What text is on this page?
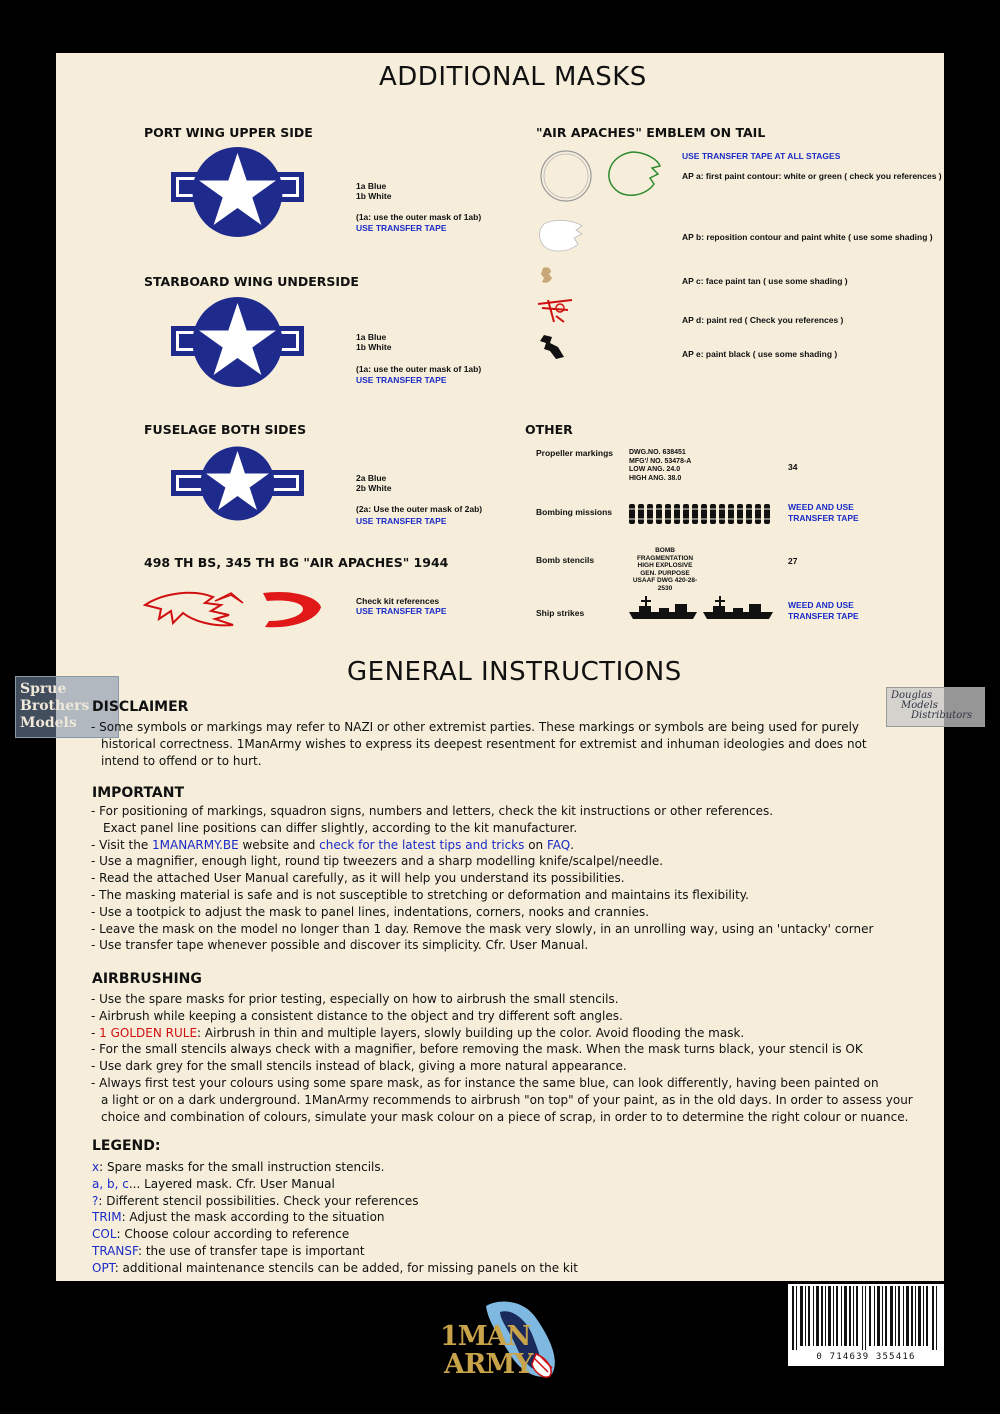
ADDITIONAL MASKS
PORT WING UPPER SIDE
1a Blue
1b White
(1a: use the outer mask of 1ab)
USE TRANSFER TAPE
STARBOARD WING UNDERSIDE
1a Blue
1b White
(1a: use the outer mask of 1ab)
USE TRANSFER TAPE
FUSELAGE BOTH SIDES
2a Blue
2b White
(2a: Use the outer mask of 2ab)
USE TRANSFER TAPE
498 TH BS, 345 TH BG "AIR APACHES" 1944
Check kit references
USE TRANSFER TAPE
"AIR APACHES" EMBLEM ON TAIL
USE TRANSFER TAPE AT ALL STAGES
AP a: first paint contour: white or green ( check you references )
AP b: reposition contour and paint white ( use some shading )
AP c: face paint tan ( use some shading )
AP d: paint red ( Check you references )
AP e: paint black ( use some shading )
OTHER
Propeller markings DWG.NO. 638451
MFG'/ NO. 53478-A
LOW ANG. 24.0
HIGH ANG. 38.0
34
Bombing missions	WEED AND USE
TRANSFER TAPE
Bomb stencils
BOMB FRAGMENTATION
HIGH EXPLOSIVE
GEN. PURPOSE
USAAF DWG 420-28-2530
27
Ship strikes
WEED AND USE
TRANSFER TAPE
GENERAL INSTRUCTIONS
Sprue
Brothers
Models
Douglas
Models
Distributors
DISCLAIMER
- Some symbols or markings may refer to NAZI or other extremist parties. These markings or symbols are being used for purely
historical correctness. 1ManArmy wishes to express its deepest resentment for extremist and inhuman ideologies and does not
intend to offend or to hurt.
IMPORTANT
- For positioning of markings, squadron signs, numbers and letters, check the kit instructions or other references.
Exact panel line positions can differ slightly, according to the kit manufacturer.
- Visit the 1MANARMY.BE website and check for the latest tips and tricks on FAQ.
- Use a magnifier, enough light, round tip tweezers and a sharp modelling knife/scalpel/needle.
- Read the attached User Manual carefully, as it will help you understand its possibilities.
- The masking material is safe and is not susceptible to stretching or deformation and maintains its flexibility.
- Use a tootpick to adjust the mask to panel lines, indentations, corners, nooks and crannies.
- Leave the mask on the model no longer than 1 day. Remove the mask very slowly, in an unrolling way, using an 'untacky' corner
- Use transfer tape whenever possible and discover its simplicity. Cfr. User Manual.
AIRBRUSHING
- Use the spare masks for prior testing, especially on how to airbrush the small stencils.
- Airbrush while keeping a consistent distance to the object and try different soft angles.
- 1 GOLDEN RULE: Airbrush in thin and multiple layers, slowly building up the color. Avoid flooding the mask.
- For the small stencils always check with a magnifier, before removing the mask. When the mask turns black, your stencil is OK
- Use dark grey for the small stencils instead of black, giving a more natural appearance.
- Always first test your colours using some spare mask, as for instance the same blue, can look differently, having been painted on
a light or on a dark underground. 1ManArmy recommends to airbrush "on top" of your paint, as in the old days. In order to assess your
choice and combination of colours, simulate your mask colour on a piece of scrap, in order to to determine the right colour or nuance.
LEGEND:
x: Spare masks for the small instruction stencils.
a, b, c... Layered mask. Cfr. User Manual
?: Different stencil possibilities. Check your references
TRIM: Adjust the mask according to the situation
COL: Choose colour according to reference
TRANSF: the use of transfer tape is important
OPT: additional maintenance stencils can be added, for missing panels on the kit
1MAN
ARMY	0 714639 355416
